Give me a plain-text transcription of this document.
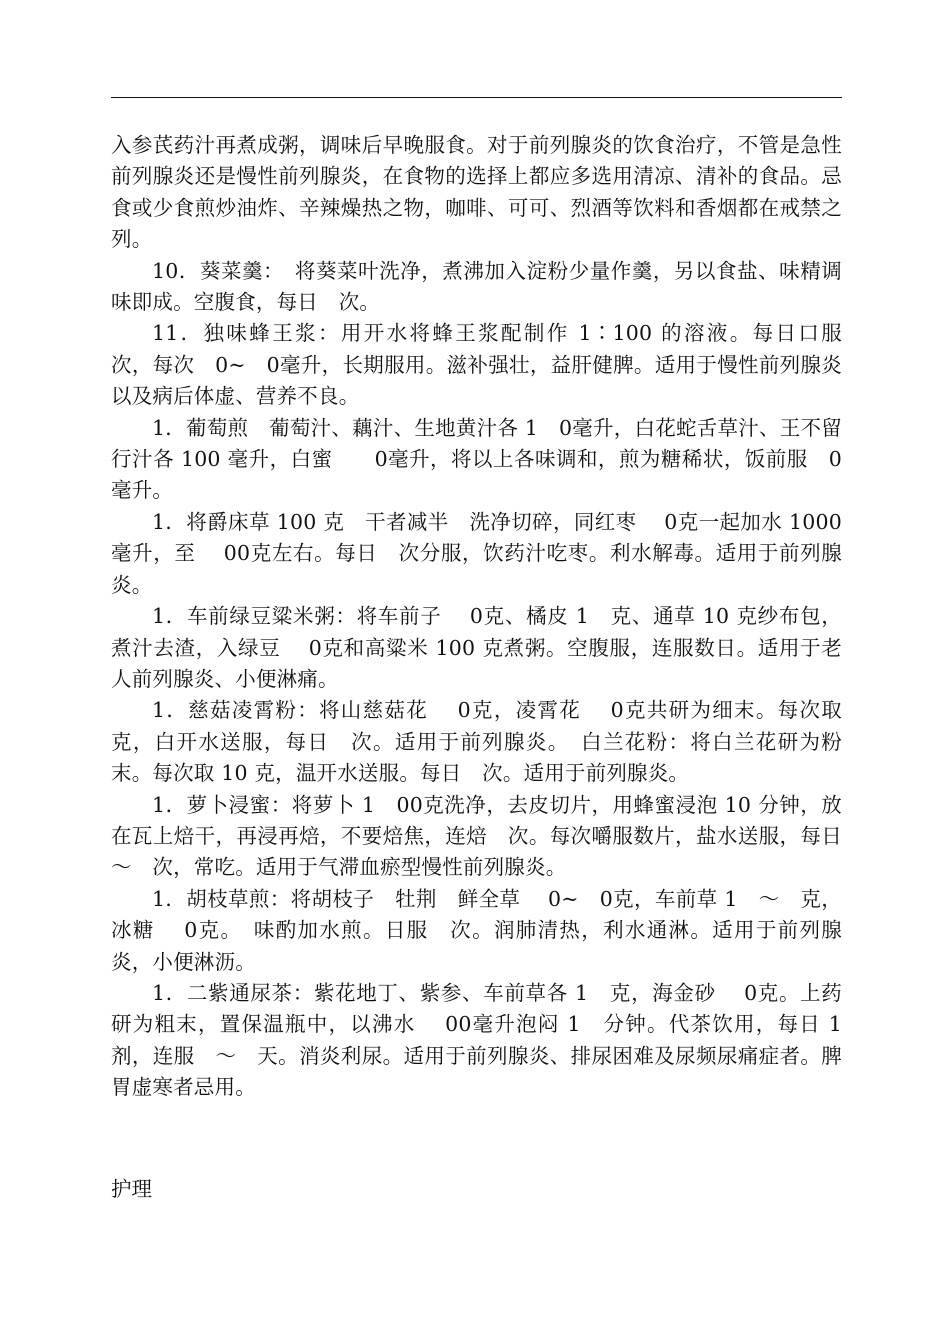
入参芪药汁再煮成粥，调味后早晚服食。对于前列腺炎的饮食治疗，不管是急性前列腺炎还是慢性前列腺炎，在食物的选择上都应多选用清凉、清补的食品。忌食或少食煎炒油炸、辛辣燥热之物，咖啡、可可、烈酒等饮料和香烟都在戒禁之列。

10．葵菜羹：　将葵菜叶洗净，煮沸加入淀粉少量作羹，另以食盐、味精调味即成。空腹食，每日　次。

11．独味蜂王浆：用开水将蜂王浆配制作 1∶100 的溶液。每日口服　次，每次　0~　0毫升，长期服用。滋补强壮，益肝健脾。适用于慢性前列腺炎以及病后体虚、营养不良。

1．葡萄煎　葡萄汁、藕汁、生地黄汁各 1　0毫升，白花蛇舌草汁、王不留行汁各 100 毫升，白蜜　　0毫升，将以上各味调和，煎为糖稀状，饭前服　0毫升。

1．将爵床草 100 克　干者减半　洗净切碎，同红枣　 0克一起加水 1000 毫升，至　 00克左右。每日　次分服，饮药汁吃枣。利水解毒。适用于前列腺炎。

1．车前绿豆粱米粥：将车前子　 0克、橘皮 1　克、通草 10 克纱布包，煮汁去渣，入绿豆　 0克和高粱米 100 克煮粥。空腹服，连服数日。适用于老人前列腺炎、小便淋痛。

1．慈菇凌霄粉：将山慈菇花　 0克，凌霄花　 0克共研为细末。每次取　克，白开水送服，每日　次。适用于前列腺炎。　白兰花粉：将白兰花研为粉末。每次取 10 克，温开水送服。每日　次。适用于前列腺炎。

1．萝卜浸蜜：将萝卜 1　00克洗净，去皮切片，用蜂蜜浸泡 10 分钟，放在瓦上焙干，再浸再焙，不要焙焦，连焙　次。每次嚼服数片，盐水送服，每日　～　次，常吃。适用于气滞血瘀型慢性前列腺炎。

1．胡枝草煎：将胡枝子　牡荆　鲜全草　 0~　0克，车前草 1　～　克，冰糖　 0克。　味酌加水煎。日服　次。润肺清热，利水通淋。适用于前列腺炎，小便淋沥。

1．二紫通尿茶：紫花地丁、紫参、车前草各 1　克，海金砂　 0克。上药研为粗末，置保温瓶中，以沸水　 00毫升泡闷 1　分钟。代茶饮用，每日 1 剂，连服　～　天。消炎利尿。适用于前列腺炎、排尿困难及尿频尿痛症者。脾胃虚寒者忌用。

护理
